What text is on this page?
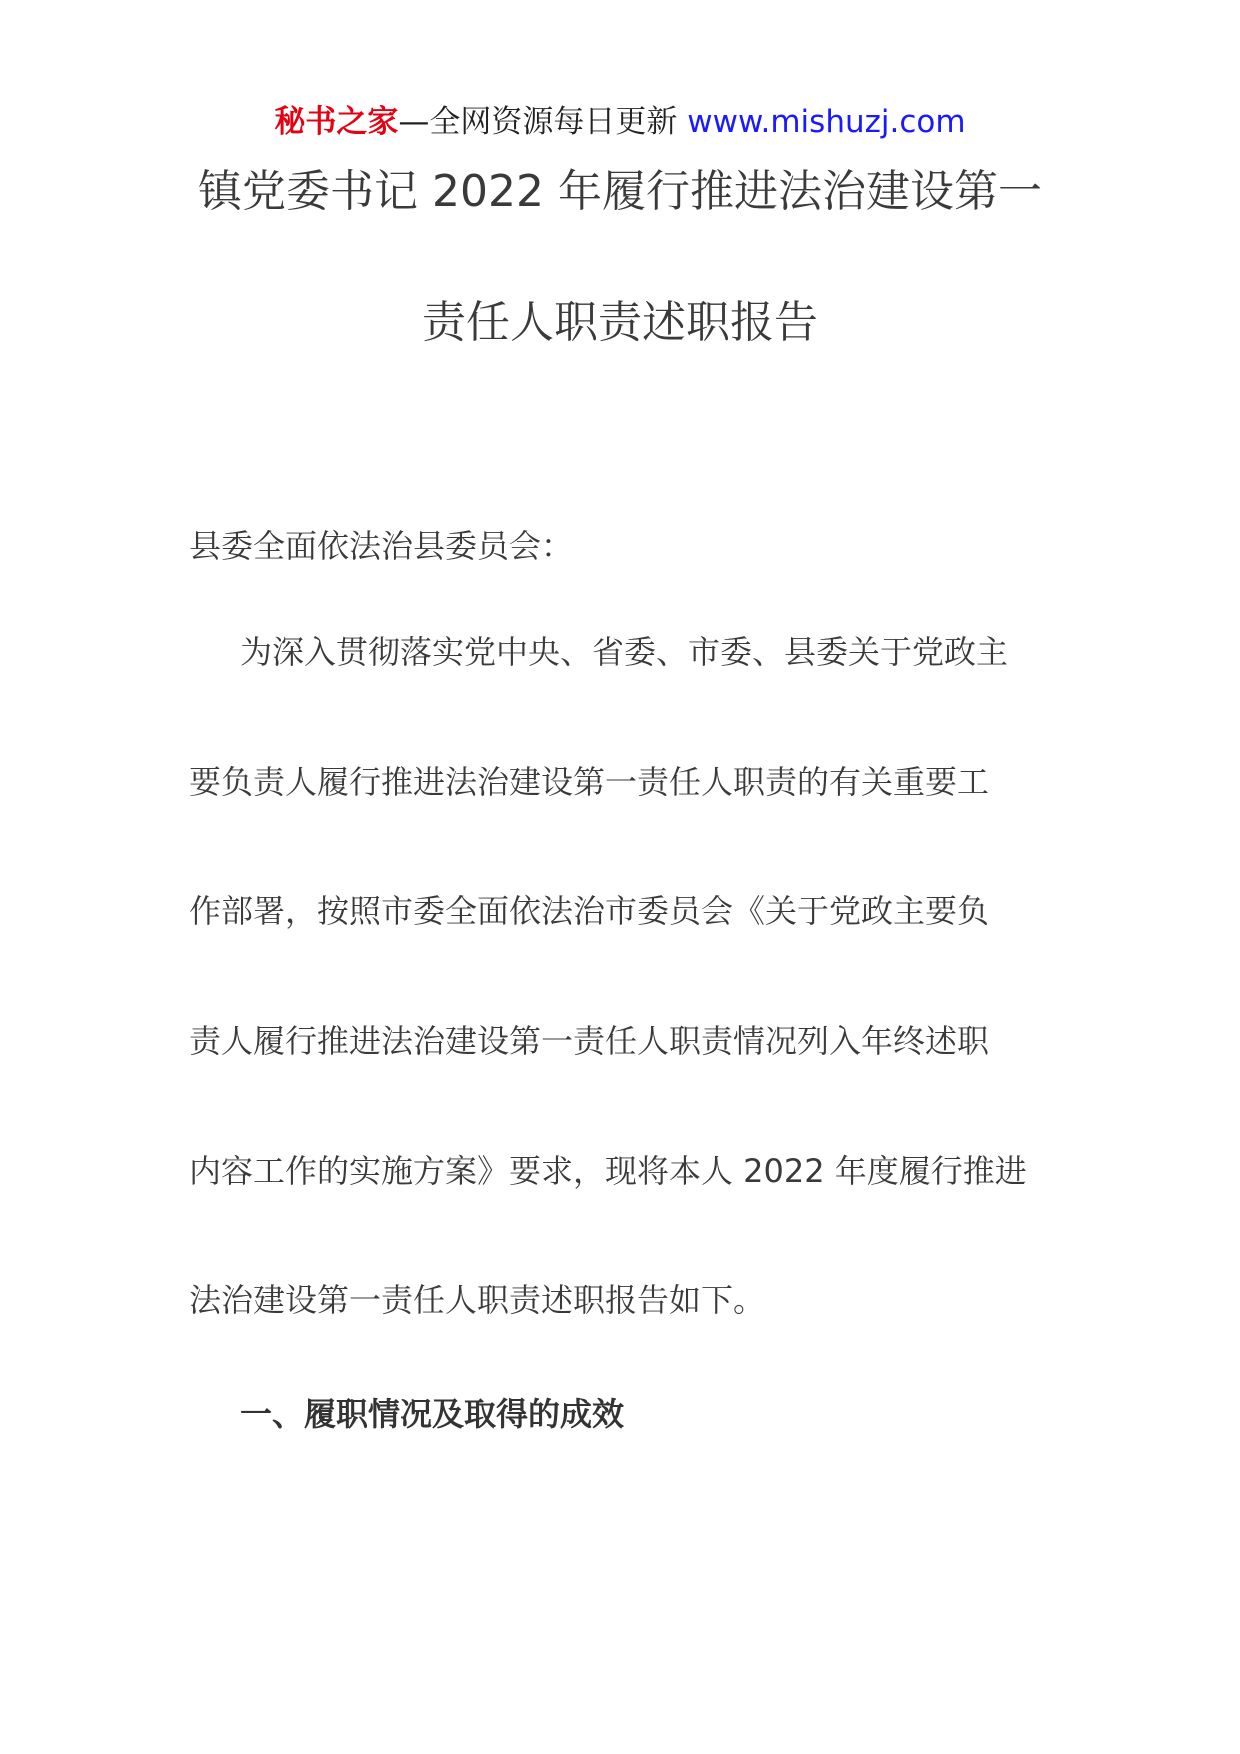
秘书之家—全网资源每日更新 www.mishuzj.com
镇党委书记 2022 年履行推进法治建设第一
责任人职责述职报告
县委全面依法治县委员会：
为深入贯彻落实党中央、省委、市委、县委关于党政主
要负责人履行推进法治建设第一责任人职责的有关重要工
作部署，按照市委全面依法治市委员会《关于党政主要负
责人履行推进法治建设第一责任人职责情况列入年终述职
内容工作的实施方案》要求，现将本人 2022 年度履行推进
法治建设第一责任人职责述职报告如下。
一、履职情况及取得的成效
